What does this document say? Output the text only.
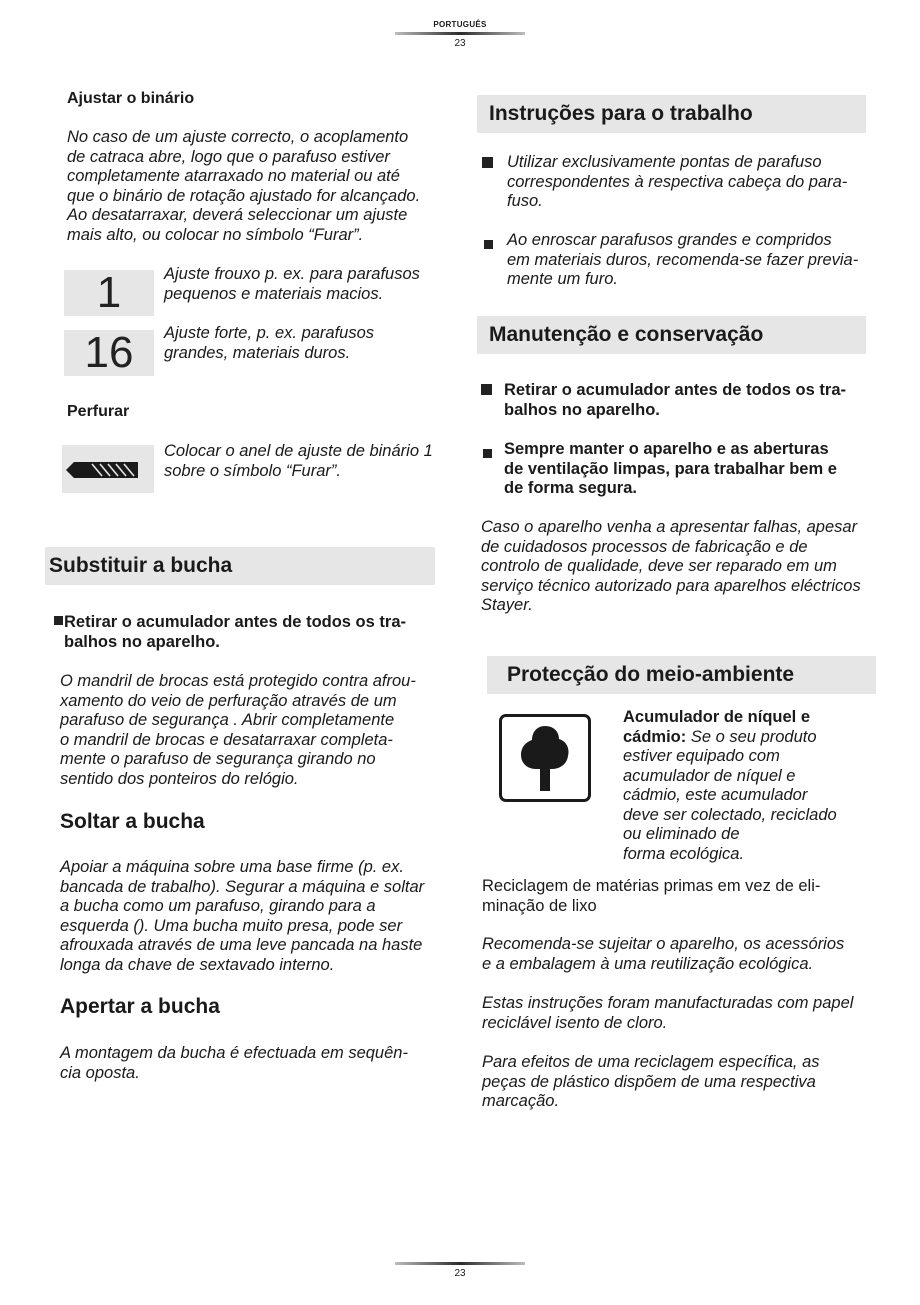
PORTUGUÊS
23
Ajustar o binário
No caso de um ajuste correcto, o acoplamento
de catraca abre, logo que o parafuso estiver
completamente atarraxado no material ou até
que o binário de rotação ajustado for alcançado.
Ao desatarraxar, deverá seleccionar um ajuste
mais alto, ou colocar no símbolo “Furar”.
1	Ajuste frouxo p. ex. para parafusos
pequenos e materiais macios.
16	Ajuste forte, p. ex. parafusos
grandes, materiais duros.
Perfurar
Colocar o anel de ajuste de binário 1
sobre o símbolo “Furar”.
Substituir a bucha
Retirar o acumulador antes de todos os tra-
balhos no aparelho.
O mandril de brocas está protegido contra afrou-
xamento do veio de perfuração através de um
parafuso de segurança . Abrir completamente
o mandril de brocas e desatarraxar completa-
mente o parafuso de segurança girando no
sentido dos ponteiros do relógio.
Soltar a bucha
Apoiar a máquina sobre uma base firme (p. ex.
bancada de trabalho). Segurar a máquina e soltar
a bucha como um parafuso, girando para a
esquerda (). Uma bucha muito presa, pode ser
afrouxada através de uma leve pancada na haste
longa da chave de sextavado interno.
Apertar a bucha
A montagem da bucha é efectuada em sequên-
cia oposta.
Instruções para o trabalho
Utilizar exclusivamente pontas de parafuso
correspondentes à respectiva cabeça do para-
fuso.
Ao enroscar parafusos grandes e compridos
em materiais duros, recomenda-se fazer previa-
mente um furo.
Manutenção e conservação
Retirar o acumulador antes de todos os tra-
balhos no aparelho.
Sempre manter o aparelho e as aberturas
de ventilação limpas, para trabalhar bem e
de forma segura.
Caso o aparelho venha a apresentar falhas, apesar
de cuidadosos processos de fabricação e de
controlo de qualidade, deve ser reparado em um
serviço técnico autorizado para aparelhos eléctricos
Stayer.
Protecção do meio-ambiente
Acumulador de níquel e
cádmio: Se o seu produto
estiver equipado com
acumulador de níquel e
cádmio, este acumulador
deve ser colectado, reciclado
ou eliminado de
forma ecológica.
Reciclagem de matérias primas em vez de eli-
minação de lixo
Recomenda-se sujeitar o aparelho, os acessórios
e a embalagem à uma reutilização ecológica.
Estas instruções foram manufacturadas com papel
reciclável isento de cloro.
Para efeitos de uma reciclagem específica, as
peças de plástico dispõem de uma respectiva
marcação.
23
